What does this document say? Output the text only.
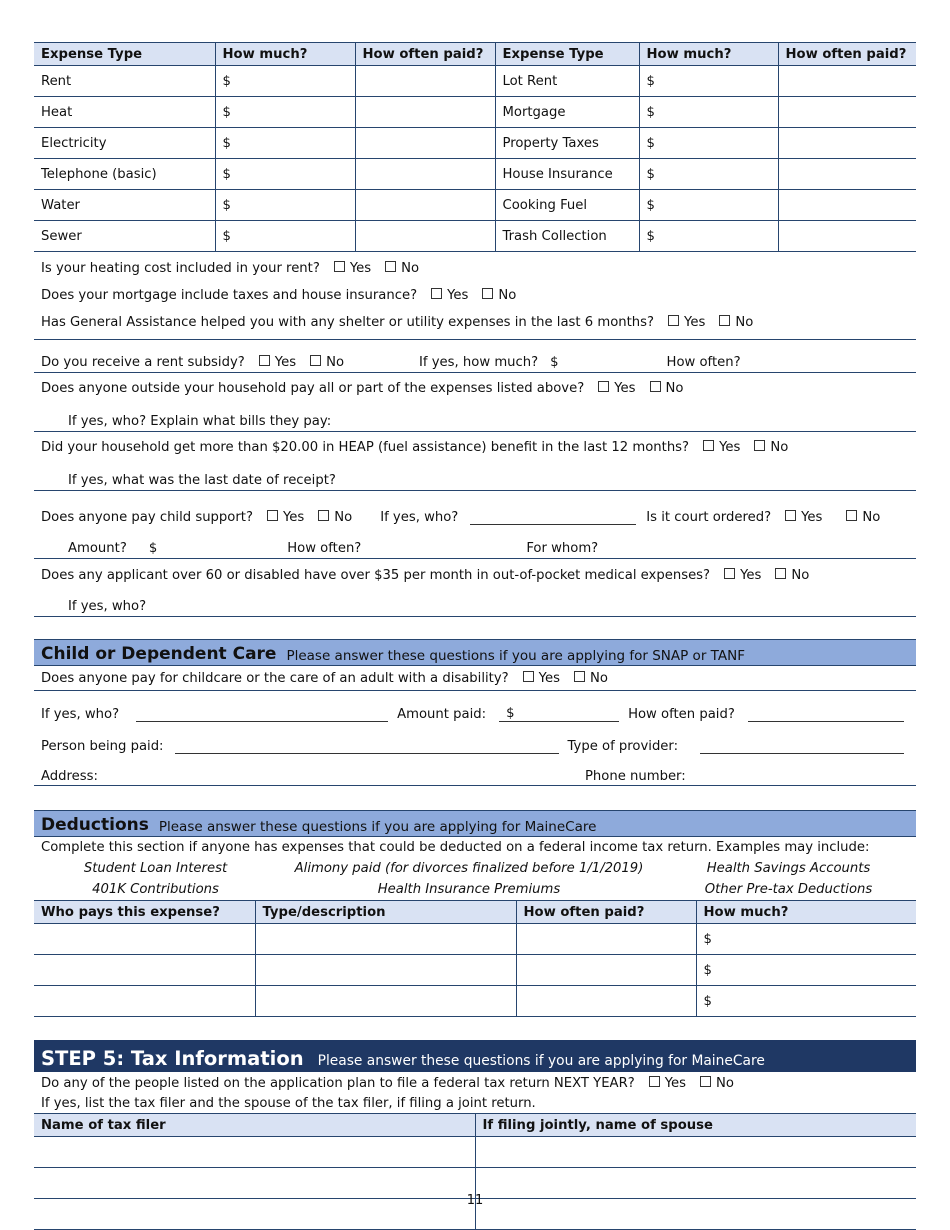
Expense Type	How much?	How often paid?	Expense Type	How much?	How often paid?
Rent	$		Lot Rent	$	
Heat	$		Mortgage	$	
Electricity	$		Property Taxes	$	
Telephone (basic)	$		House Insurance	$	
Water	$		Cooking Fuel	$	
Sewer	$		Trash Collection	$	
Is your heating cost included in your rent?	Yes	No
Does your mortgage include taxes and house insurance?	Yes	No
Has General Assistance helped you with any shelter or utility expenses in the last 6 months?	Yes	No
Do you receive a rent subsidy?	Yes	No	If yes, how much? $	How often?
Does anyone outside your household pay all or part of the expenses listed above?	Yes	No
If yes, who? Explain what bills they pay:
Did your household get more than $20.00 in HEAP (fuel assistance) benefit in the last 12 months?	Yes	No
If yes, what was the last date of receipt?
Does anyone pay child support?	Yes	No If yes, who?	Is it court ordered?	Yes	No
Amount? $	How often?	For whom?
Does any applicant over 60 or disabled have over $35 per month in out-of-pocket medical expenses?	Yes	No
If yes, who?
Child or Dependent Care Please answer these questions if you are applying for SNAP or TANF
Does anyone pay for childcare or the care of an adult with a disability?	Yes	No
If yes, who?	Amount paid:	$	How often paid?
Person being paid:	Type of provider:
Address:	Phone number:
Deductions Please answer these questions if you are applying for MaineCare
Complete this section if anyone has expenses that could be deducted on a federal income tax return. Examples may include:
Student Loan Interest	Alimony paid (for divorces finalized before 1/1/2019)	Health Savings Accounts
401K Contributions	Health Insurance Premiums	Other Pre-tax Deductions
Who pays this expense?	Type/description	How often paid?	How much?
			$
			$
			$
STEP 5: Tax Information Please answer these questions if you are applying for MaineCare
Do any of the people listed on the application plan to file a federal tax return NEXT YEAR?	Yes	No
If yes, list the tax filer and the spouse of the tax filer, if filing a joint return.
Name of tax filer	If filing jointly, name of spouse

11
